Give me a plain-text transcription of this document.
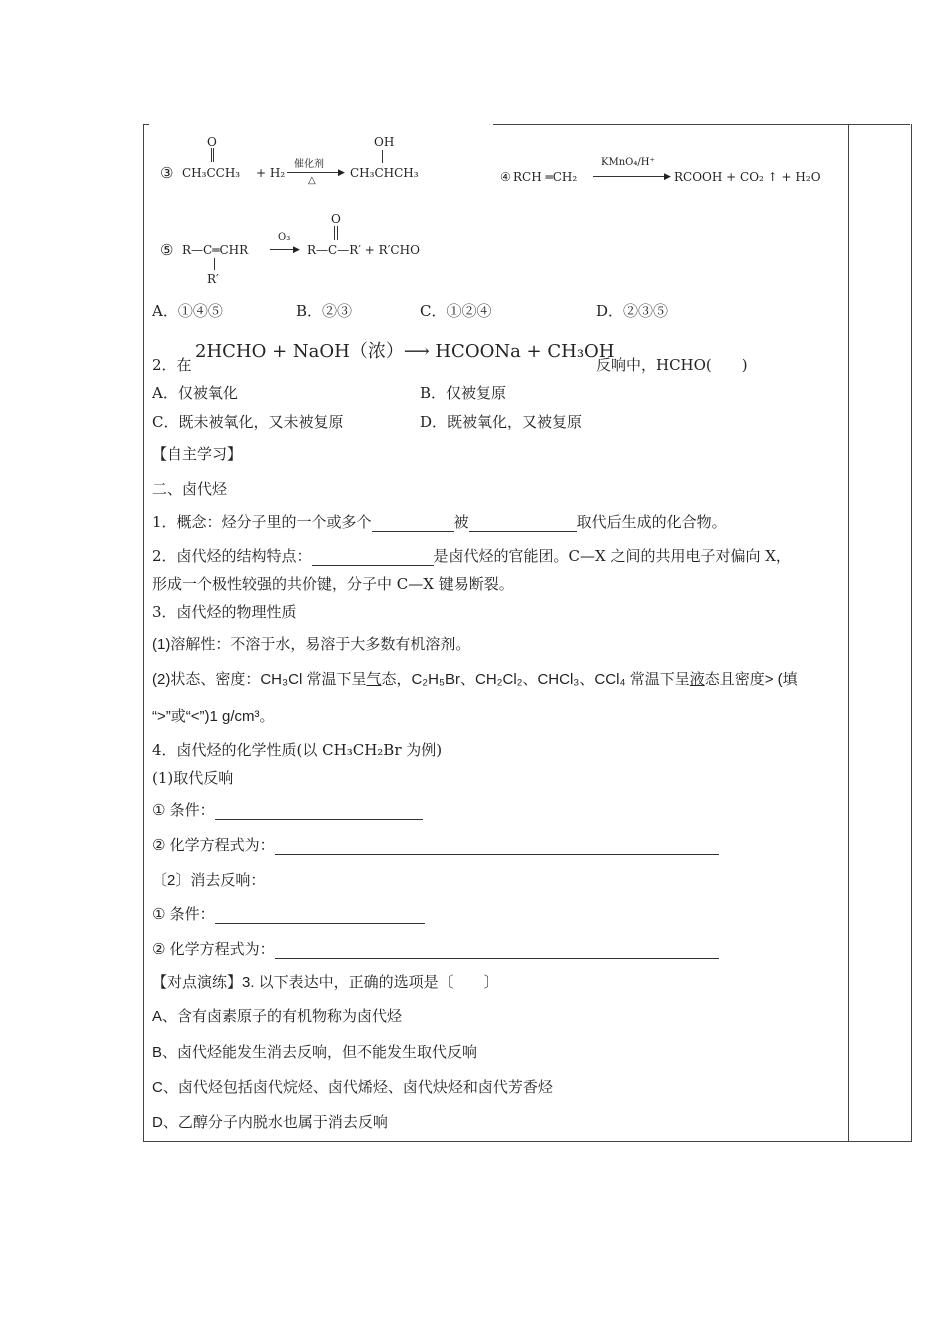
O
③ CH₃CCH₃ + H₂
催化剂
▶
△
OH
CH₃CHCH₃	④ RCH ═CH₂
KMnO₄/H⁺
▶ RCOOH + CO₂ ↑ + H₂O
⑤ R—C═CHR
R′
O₃
▶
O
R—C—R′ + R′CHO
A．①④⑤	B．②③	C．①②④	D．②③⑤
2．在
2HCHO + NaOH（浓）⟶ HCOONa + CH₃OH
反响中，HCHO(　　)
A．仅被氧化	B．仅被复原
C．既未被氧化，又未被复原	D．既被氧化，又被复原
【自主学习】
二、卤代烃
1．概念：烃分子里的一个或多个	被	取代后生成的化合物。
2．卤代烃的结构特点：	是卤代烃的官能团。C—X 之间的共用电子对偏向 X，
形成一个极性较强的共价键，分子中 C—X 键易断裂。
3．卤代烃的物理性质
(1)溶解性：不溶于水，易溶于大多数有机溶剂。
(2)状态、密度：CH₃Cl 常温下呈气态，C₂H₅Br、CH₂Cl₂、CHCl₃、CCl₄ 常温下呈液态且密度> (填
“>”或“<”)1 g/cm³。
4．卤代烃的化学性质(以 CH₃CH₂Br 为例)
(1)取代反响
① 条件：
② 化学方程式为：
〔2〕消去反响：
① 条件：
② 化学方程式为：
【对点演练】3. 以下表达中，正确的选项是〔　　〕
A、含有卤素原子的有机物称为卤代烃
B、卤代烃能发生消去反响，但不能发生取代反响
C、卤代烃包括卤代烷烃、卤代烯烃、卤代炔烃和卤代芳香烃
D、乙醇分子内脱水也属于消去反响
